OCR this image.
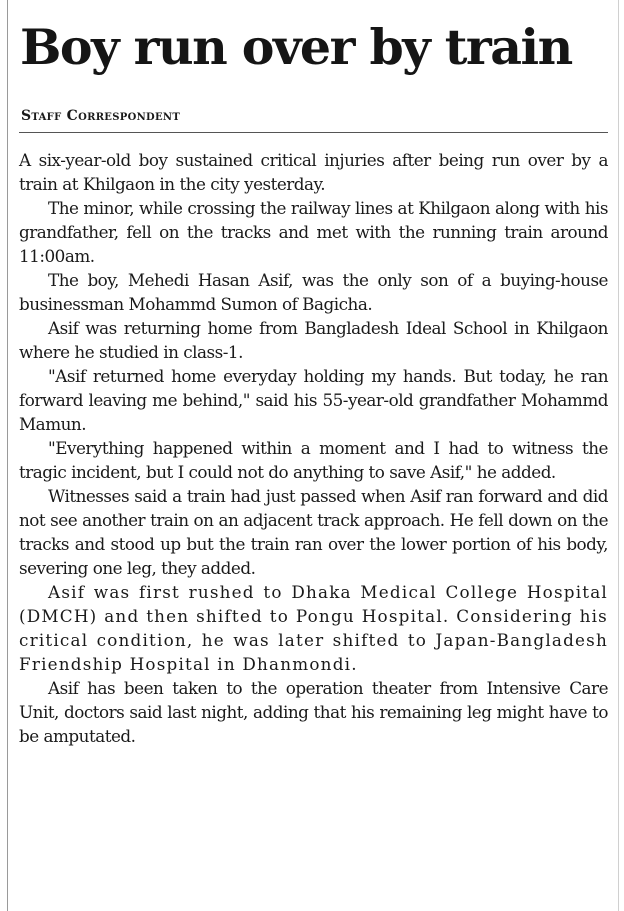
Boy run over by train
Staff Correspondent

A six-year-old boy sustained critical injuries after being run over by a train at Khilgaon in the city yesterday.

The minor, while crossing the railway lines at Khilgaon along with his grandfather, fell on the tracks and met with the running train around 11:00am.

The boy, Mehedi Hasan Asif, was the only son of a buying-house businessman Mohammd Sumon of Bagicha.

Asif was returning home from Bangladesh Ideal School in Khilgaon where he studied in class-1.

"Asif returned home everyday holding my hands. But today, he ran forward leaving me behind," said his 55-year-old grandfather Mohammd Mamun.

"Everything happened within a moment and I had to witness the tragic incident, but I could not do anything to save Asif," he added.

Witnesses said a train had just passed when Asif ran forward and did not see another train on an adjacent track approach. He fell down on the tracks and stood up but the train ran over the lower portion of his body, severing one leg, they added.

Asif was first rushed to Dhaka Medical College Hospital (DMCH) and then shifted to Pongu Hospital. Considering his critical condition, he was later shifted to Japan-Bangladesh Friendship Hospital in Dhanmondi.

Asif has been taken to the operation theater from Intensive Care Unit, doctors said last night, adding that his remaining leg might have to be amputated.
